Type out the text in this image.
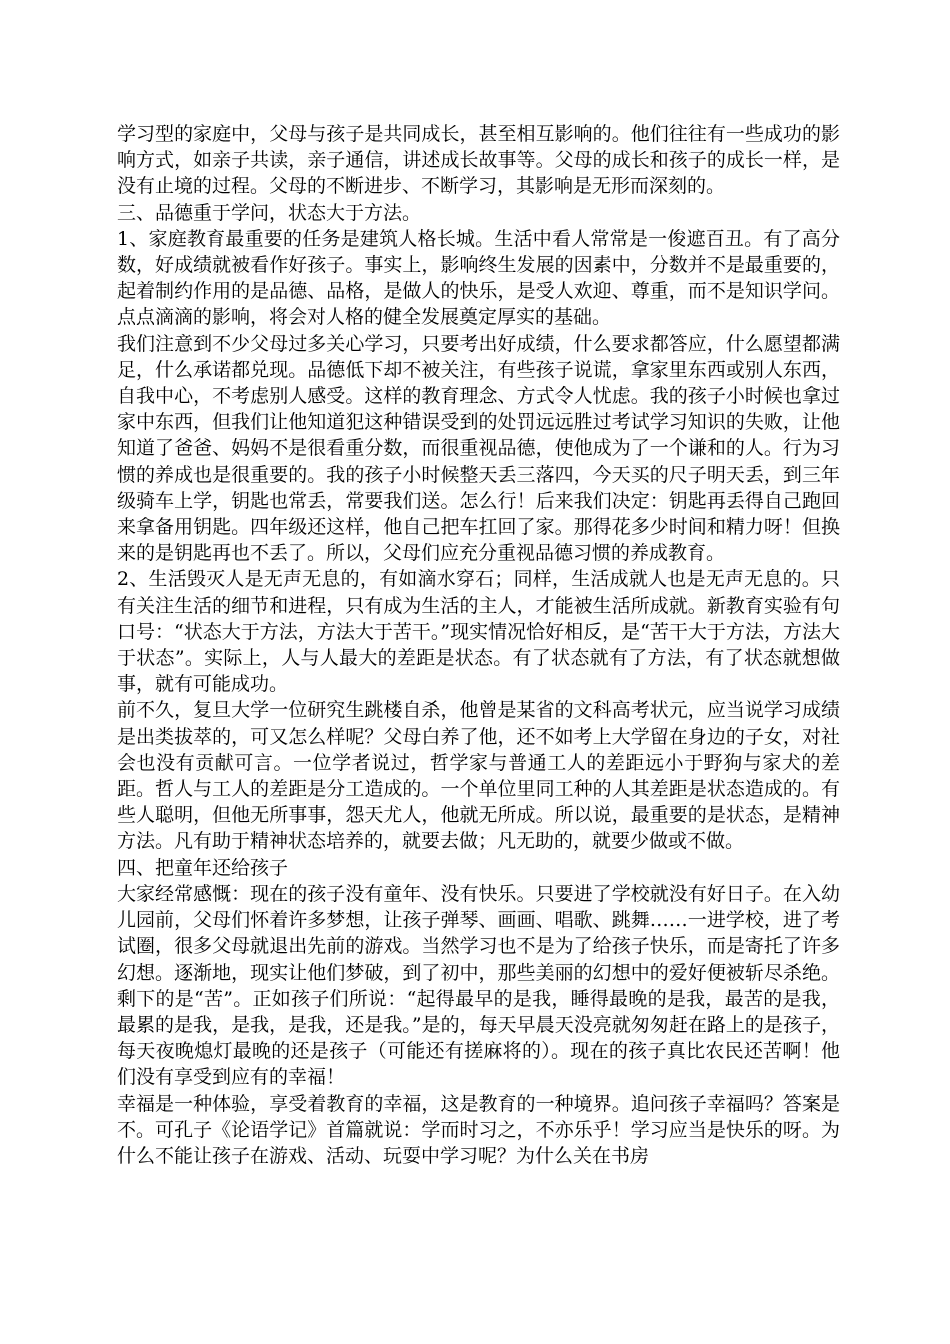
学习型的家庭中，父母与孩子是共同成长，甚至相互影响的。他们往往有一些成功的影响方式，如亲子共读，亲子通信，讲述成长故事等。父母的成长和孩子的成长一样，是没有止境的过程。父母的不断进步、不断学习，其影响是无形而深刻的。

三、品德重于学问，状态大于方法。

1、家庭教育最重要的任务是建筑人格长城。生活中看人常常是一俊遮百丑。有了高分数，好成绩就被看作好孩子。事实上，影响终生发展的因素中，分数并不是最重要的，起着制约作用的是品德、品格，是做人的快乐，是受人欢迎、尊重，而不是知识学问。点点滴滴的影响，将会对人格的健全发展奠定厚实的基础。

我们注意到不少父母过多关心学习，只要考出好成绩，什么要求都答应，什么愿望都满足，什么承诺都兑现。品德低下却不被关注，有些孩子说谎，拿家里东西或别人东西，自我中心，不考虑别人感受。这样的教育理念、方式令人忧虑。我的孩子小时候也拿过家中东西，但我们让他知道犯这种错误受到的处罚远远胜过考试学习知识的失败，让他知道了爸爸、妈妈不是很看重分数，而很重视品德，使他成为了一个谦和的人。行为习惯的养成也是很重要的。我的孩子小时候整天丢三落四，今天买的尺子明天丢，到三年级骑车上学，钥匙也常丢，常要我们送。怎么行！后来我们决定：钥匙再丢得自己跑回来拿备用钥匙。四年级还这样，他自己把车扛回了家。那得花多少时间和精力呀！但换来的是钥匙再也不丢了。所以，父母们应充分重视品德习惯的养成教育。

2、生活毁灭人是无声无息的，有如滴水穿石；同样，生活成就人也是无声无息的。只有关注生活的细节和进程，只有成为生活的主人，才能被生活所成就。新教育实验有句口号：“状态大于方法，方法大于苦干。”现实情况恰好相反，是“苦干大于方法，方法大于状态”。实际上，人与人最大的差距是状态。有了状态就有了方法，有了状态就想做事，就有可能成功。

前不久，复旦大学一位研究生跳楼自杀，他曾是某省的文科高考状元，应当说学习成绩是出类拔萃的，可又怎么样呢？父母白养了他，还不如考上大学留在身边的子女，对社会也没有贡献可言。一位学者说过，哲学家与普通工人的差距远小于野狗与家犬的差距。哲人与工人的差距是分工造成的。一个单位里同工种的人其差距是状态造成的。有些人聪明，但他无所事事，怨天尤人，他就无所成。所以说，最重要的是状态，是精神方法。凡有助于精神状态培养的，就要去做；凡无助的，就要少做或不做。

四、把童年还给孩子

大家经常感慨：现在的孩子没有童年、没有快乐。只要进了学校就没有好日子。在入幼儿园前，父母们怀着许多梦想，让孩子弹琴、画画、唱歌、跳舞……一进学校，进了考试圈，很多父母就退出先前的游戏。当然学习也不是为了给孩子快乐，而是寄托了许多幻想。逐渐地，现实让他们梦破，到了初中，那些美丽的幻想中的爱好便被斩尽杀绝。剩下的是“苦”。正如孩子们所说：“起得最早的是我，睡得最晚的是我，最苦的是我，最累的是我，是我，是我，还是我。”是的，每天早晨天没亮就匆匆赶在路上的是孩子，每天夜晚熄灯最晚的还是孩子（可能还有搓麻将的）。现在的孩子真比农民还苦啊！他们没有享受到应有的幸福！

幸福是一种体验，享受着教育的幸福，这是教育的一种境界。追问孩子幸福吗？答案是不。可孔子《论语学记》首篇就说：学而时习之，不亦乐乎！学习应当是快乐的呀。为什么不能让孩子在游戏、活动、玩耍中学习呢？为什么关在书房
